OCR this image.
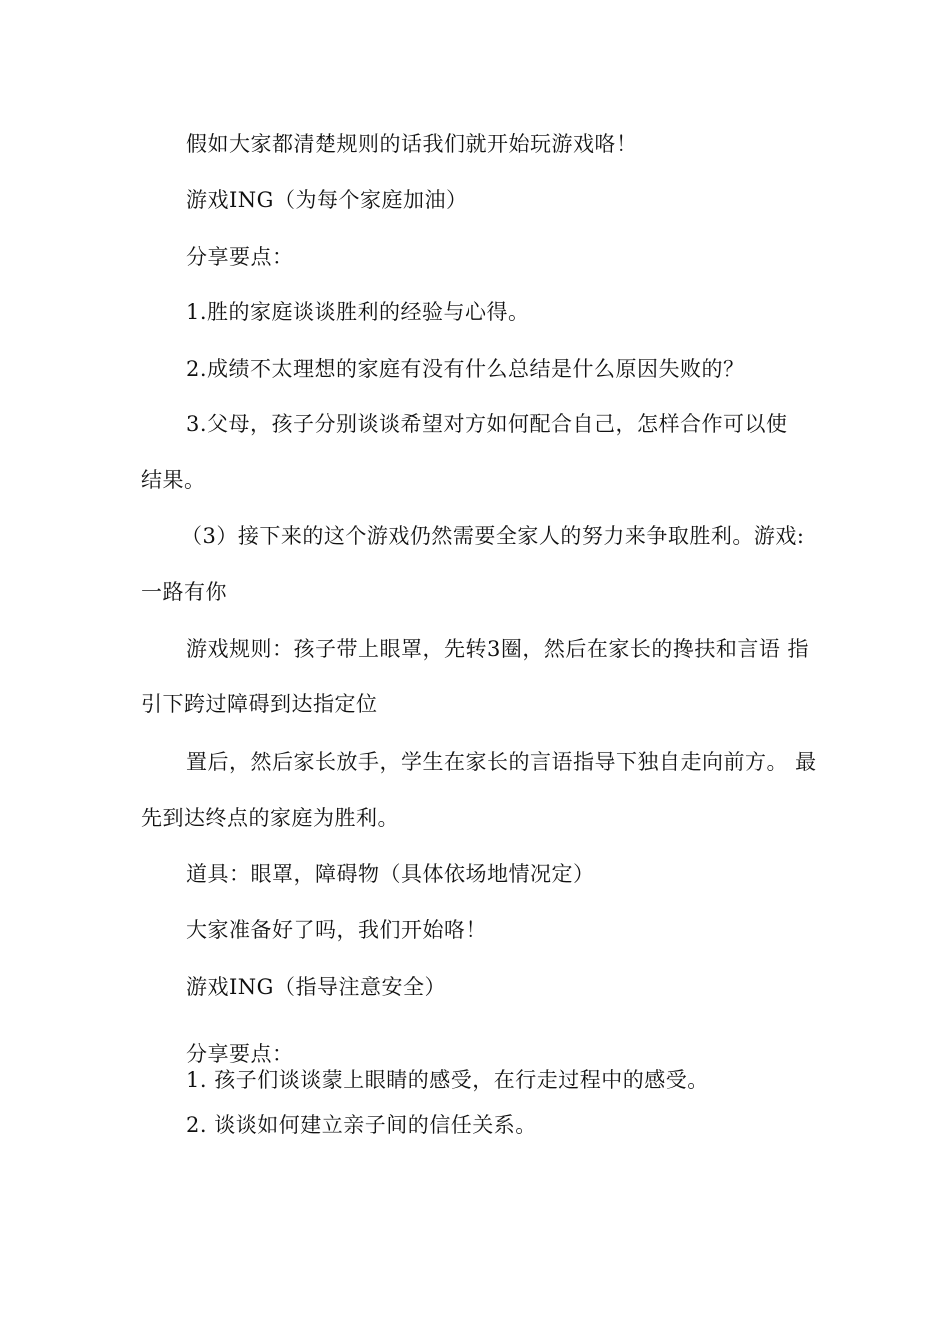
假如大家都清楚规则的话我们就开始玩游戏咯！

游戏ING（为每个家庭加油）

分享要点：

1.胜的家庭谈谈胜利的经验与心得。

2.成绩不太理想的家庭有没有什么总结是什么原因失败的？

3.父母，孩子分别谈谈希望对方如何配合自己，怎样合作可以使

结果。

（3）接下来的这个游戏仍然需要全家人的努力来争取胜利。游戏:

一路有你

游戏规则：孩子带上眼罩，先转3圈，然后在家长的搀扶和言语 指

引下跨过障碍到达指定位

置后，然后家长放手，学生在家长的言语指导下独自走向前方。 最

先到达终点的家庭为胜利。

道具：眼罩，障碍物（具体依场地情况定）

大家准备好了吗，我们开始咯！

游戏ING（指导注意安全）

分享要点：

1. 孩子们谈谈蒙上眼睛的感受，在行走过程中的感受。

2. 谈谈如何建立亲子间的信任关系。
